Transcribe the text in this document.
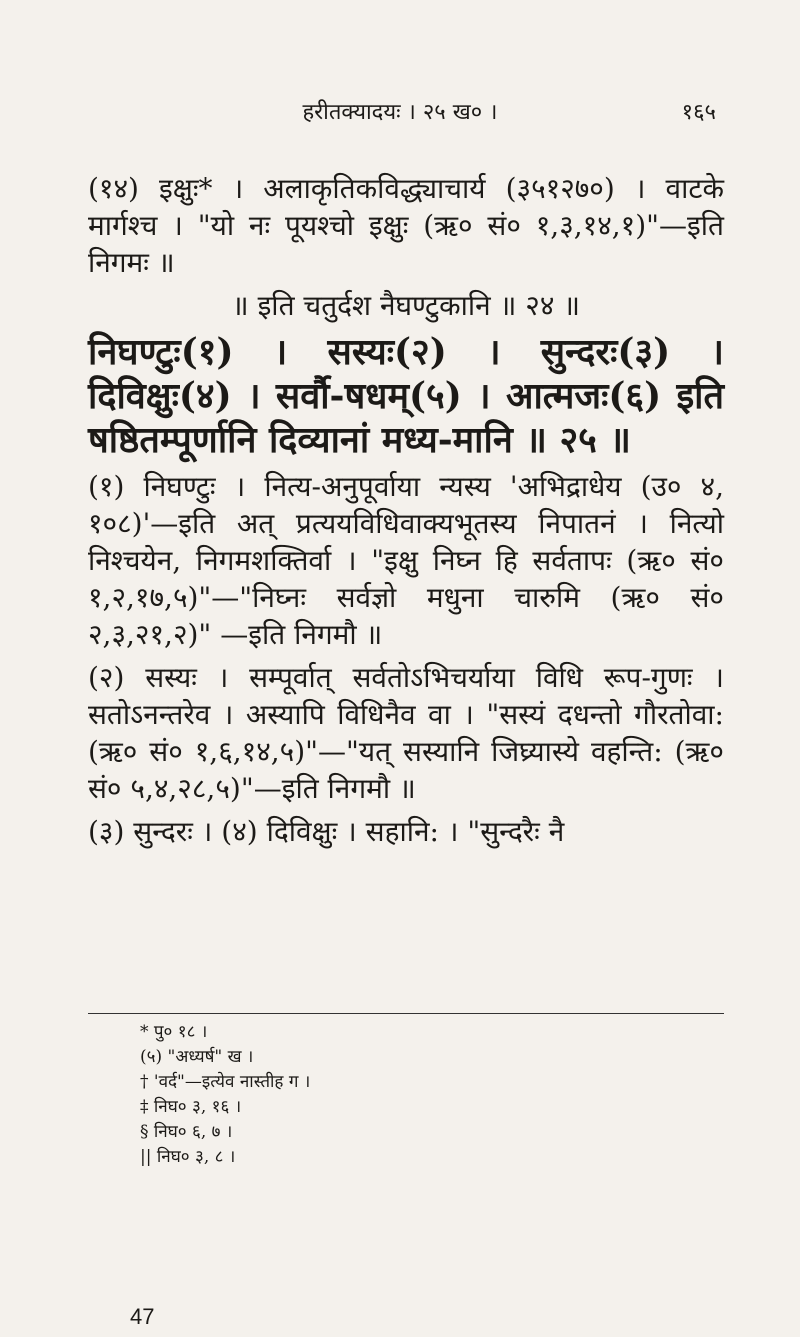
हरीतक्यादयः । २५ ख० ।	१६५

(१४) इक्षुः* । अलाकृतिकविद्ध्याचार्य (३५१२७०) । वाटके मार्गश्च । "यो नः पूयश्चो इक्षुः (ऋ० सं० १,३,१४,१)"—इति निगमः ॥

॥ इति चतुर्दश नैघण्टुकानि ॥ २४ ॥

निघण्टुः(१) । सस्यः(२) । सुन्दरः(३) । दिविक्षुः(४) । सर्वौ-षधम्(५) । आत्मजः(६) इति षष्ठितम्पूर्णानि दिव्यानां मध्य-मानि ॥ २५ ॥

(१) निघण्टुः । नित्य-अनुपूर्वाया न्यस्य 'अभिद्राधेय (उ० ४, १०८)'—इति अत् प्रत्ययविधिवाक्यभूतस्य निपातनं । नित्यो निश्चयेन, निगमशक्तिर्वा । "इक्षु निघ्न हि सर्वतापः (ऋ० सं० १,२,१७,५)"—"निघ्नः सर्वज्ञो मधुना चारुमि (ऋ० सं० २,३,२१,२)" —इति निगमौ ॥

(२) सस्यः । सम्पूर्वात् सर्वतोऽभिचर्याया विधि रूप-गुणः । सतोऽनन्तरेव । अस्यापि विधिनैव वा । "सस्यं दधन्तो गौरतोवा: (ऋ० सं० १,६,१४,५)"—"यत् सस्यानि जिघ्र्यास्ये वहन्ति: (ऋ० सं० ५,४,२८,५)"—इति निगमौ ॥

(३) सुन्दरः । (४) दिविक्षुः । सहानि: । "सुन्दरैः नै

* पु० १८ ।
(५) "अध्यर्ष" ख ।
† 'वर्द"—इत्येव नास्तीह ग ।
‡ निघ० ३, १६ ।
§ निघ० ६, ७ ।
|| निघ० ३, ८ ।
47
